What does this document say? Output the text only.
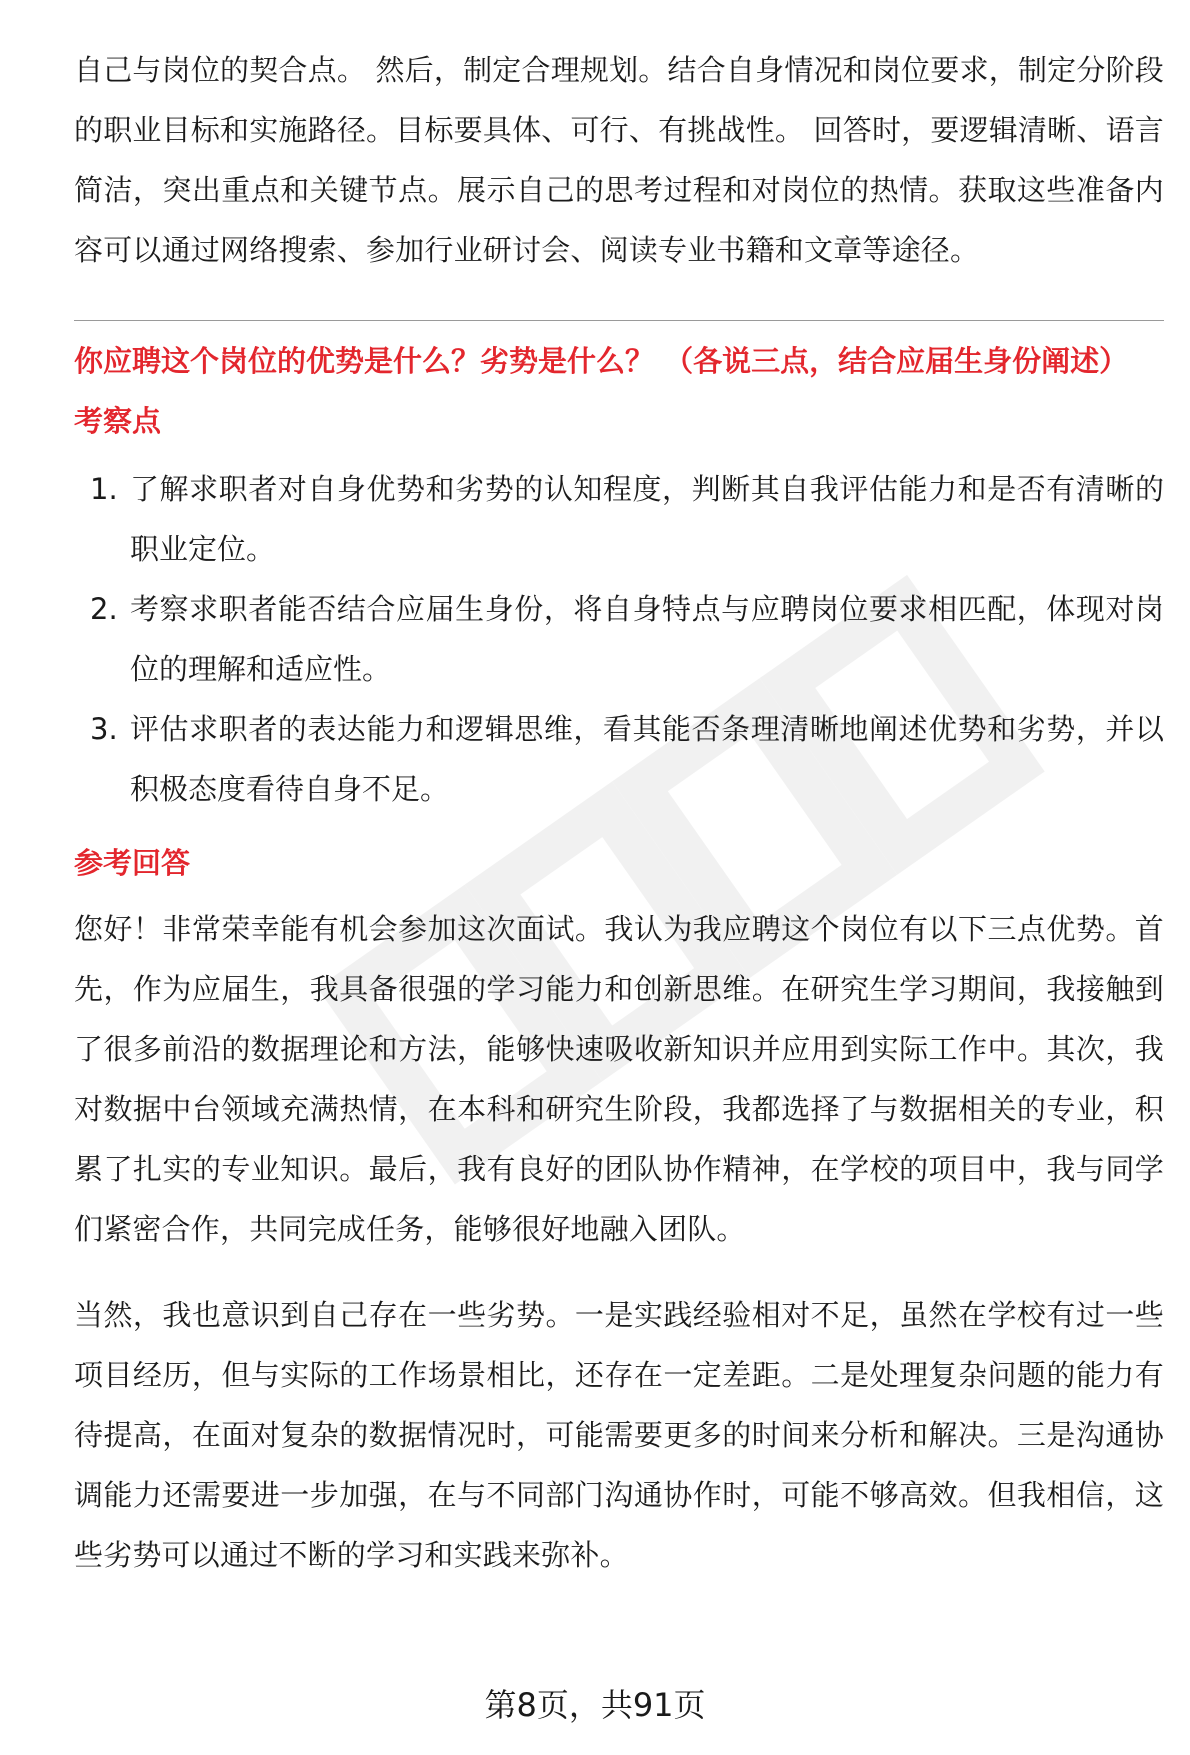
自己与岗位的契合点。 然后，制定合理规划。结合自身情况和岗位要求，制定分阶段的职业目标和实施路径。目标要具体、可行、有挑战性。 回答时，要逻辑清晰、语言简洁，突出重点和关键节点。展示自己的思考过程和对岗位的热情。获取这些准备内容可以通过网络搜索、参加行业研讨会、阅读专业书籍和文章等途径。

你应聘这个岗位的优势是什么？劣势是什么？ （各说三点，结合应届生身份阐述）
考察点
1. 了解求职者对自身优势和劣势的认知程度，判断其自我评估能力和是否有清晰的职业定位。
2. 考察求职者能否结合应届生身份，将自身特点与应聘岗位要求相匹配，体现对岗位的理解和适应性。
3. 评估求职者的表达能力和逻辑思维，看其能否条理清晰地阐述优势和劣势，并以积极态度看待自身不足。
参考回答

您好！非常荣幸能有机会参加这次面试。我认为我应聘这个岗位有以下三点优势。首先，作为应届生，我具备很强的学习能力和创新思维。在研究生学习期间，我接触到了很多前沿的数据理论和方法，能够快速吸收新知识并应用到实际工作中。其次，我对数据中台领域充满热情，在本科和研究生阶段，我都选择了与数据相关的专业，积累了扎实的专业知识。最后，我有良好的团队协作精神，在学校的项目中，我与同学们紧密合作，共同完成任务，能够很好地融入团队。

当然，我也意识到自己存在一些劣势。一是实践经验相对不足，虽然在学校有过一些项目经历，但与实际的工作场景相比，还存在一定差距。二是处理复杂问题的能力有待提高，在面对复杂的数据情况时，可能需要更多的时间来分析和解决。三是沟通协调能力还需要进一步加强，在与不同部门沟通协作时，可能不够高效。但我相信，这些劣势可以通过不断的学习和实践来弥补。

第8页，共91页
